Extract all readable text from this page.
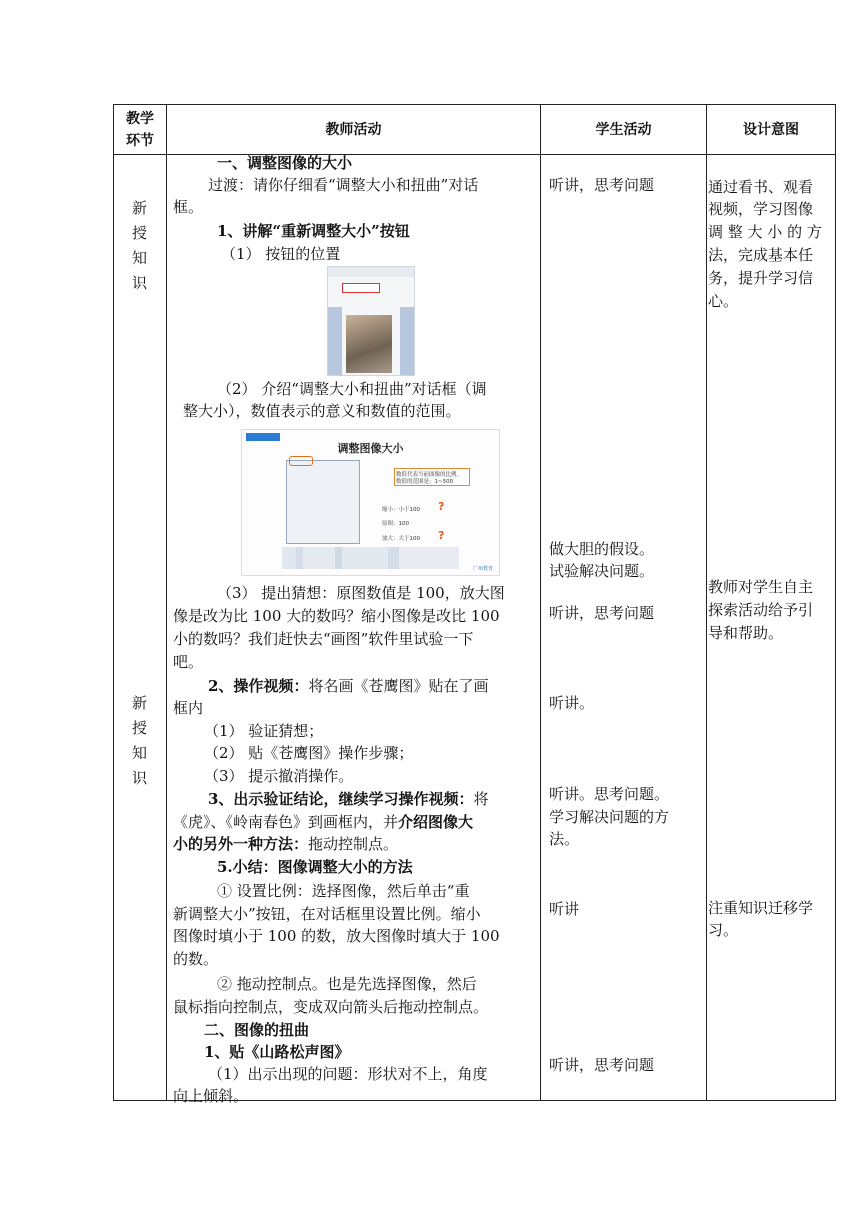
教学
环节
教师活动	学生活动	设计意图
新
授
知
识
新
授
知
识
一、调整图像的大小
过渡：请你仔细看“调整大小和扭曲”对话
框。
1、讲解“重新调整大小”按钮
（1） 按钮的位置
（2） 介绍“调整大小和扭曲”对话框（调
整大小），数值表示的意义和数值的范围。
调整图像大小
数值代表当前图像的比例。
数值的范围是：1~500
缩小：小于100 ?
原图：100
放大：大于100 ?
广州教育
（3） 提出猜想：原图数值是 100，放大图
像是改为比 100 大的数吗？缩小图像是改比 100
小的数吗？我们赶快去“画图”软件里试验一下
吧。
2、操作视频：将名画《苍鹰图》贴在了画
框内
（1） 验证猜想；
（2） 贴《苍鹰图》操作步骤；
（3） 提示撤消操作。
3、出示验证结论，继续学习操作视频：将
《虎》、《岭南春色》到画框内，并介绍图像大
小的另外一种方法：拖动控制点。
5.小结：图像调整大小的方法
① 设置比例：选择图像，然后单击“重
新调整大小”按钮，在对话框里设置比例。缩小
图像时填小于 100 的数，放大图像时填大于 100
的数。
② 拖动控制点。也是先选择图像，然后
鼠标指向控制点，变成双向箭头后拖动控制点。
二、图像的扭曲
1、贴《山路松声图》
（1）出示出现的问题：形状对不上，角度
向上倾斜。
听讲，思考问题
做大胆的假设。
试验解决问题。
听讲，思考问题
听讲。
听讲。思考问题。
学习解决问题的方
法。
听讲
听讲，思考问题
通过看书、观看
视频，学习图像
调 整 大 小 的 方
法，完成基本任
务，提升学习信
心。
教师对学生自主
探索活动给予引
导和帮助。
注重知识迁移学
习。
